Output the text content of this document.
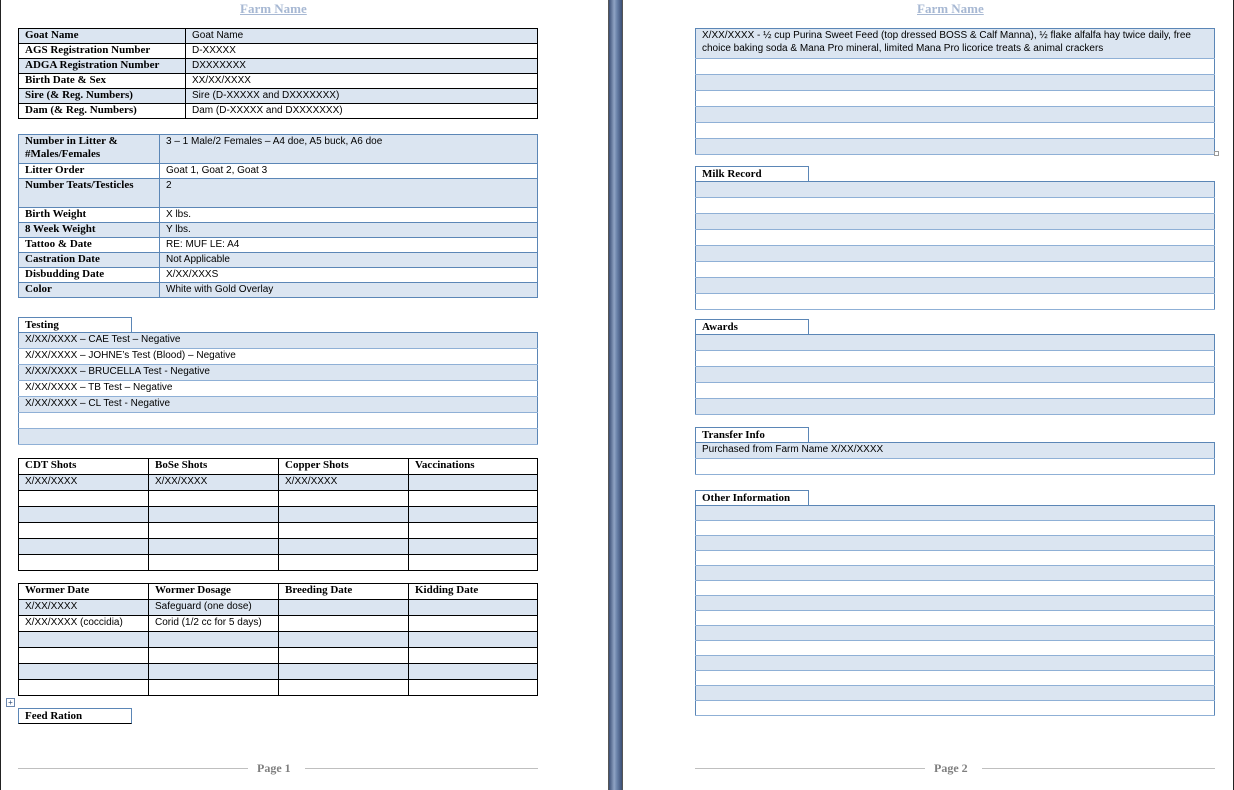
Farm Name
Goat Name	Goat Name
AGS Registration Number	D-XXXXX
ADGA Registration Number	DXXXXXXX
Birth Date & Sex	XX/XX/XXXX
Sire (& Reg. Numbers)	Sire (D-XXXXX and DXXXXXXX)
Dam (& Reg. Numbers)	Dam (D-XXXXX and DXXXXXXX)
Number in Litter & #Males/Females	3 – 1 Male/2 Females – A4 doe, A5 buck, A6 doe
Litter Order	Goat 1, Goat 2, Goat 3
Number Teats/Testicles	2
Birth Weight	X lbs.
8 Week Weight	Y lbs.
Tattoo & Date	RE: MUF LE: A4
Castration Date	Not Applicable
Disbudding Date	X/XX/XXXS
Color	White with Gold Overlay
Testing
X/XX/XXXX – CAE Test – Negative
X/XX/XXXX – JOHNE’s Test (Blood) – Negative
X/XX/XXXX – BRUCELLA Test - Negative
X/XX/XXXX – TB Test – Negative
X/XX/XXXX – CL Test - Negative

CDT Shots	BoSe Shots	Copper Shots	Vaccinations
X/XX/XXXX	X/XX/XXXX	X/XX/XXXX	

Wormer Date	Wormer Dosage	Breeding Date	Kidding Date
X/XX/XXXX	Safeguard (one dose)		
X/XX/XXXX (coccidia)	Corid (1/2 cc for 5 days)		

+
Feed Ration
Page 1
Farm Name
X/XX/XXXX - ½ cup Purina Sweet Feed (top dressed BOSS & Calf Manna), ½ flake alfalfa hay twice daily, free choice baking soda & Mana Pro mineral, limited Mana Pro licorice treats & animal crackers

Milk Record

Awards

Transfer Info
Purchased from Farm Name X/XX/XXXX

Other Information

Page 2
